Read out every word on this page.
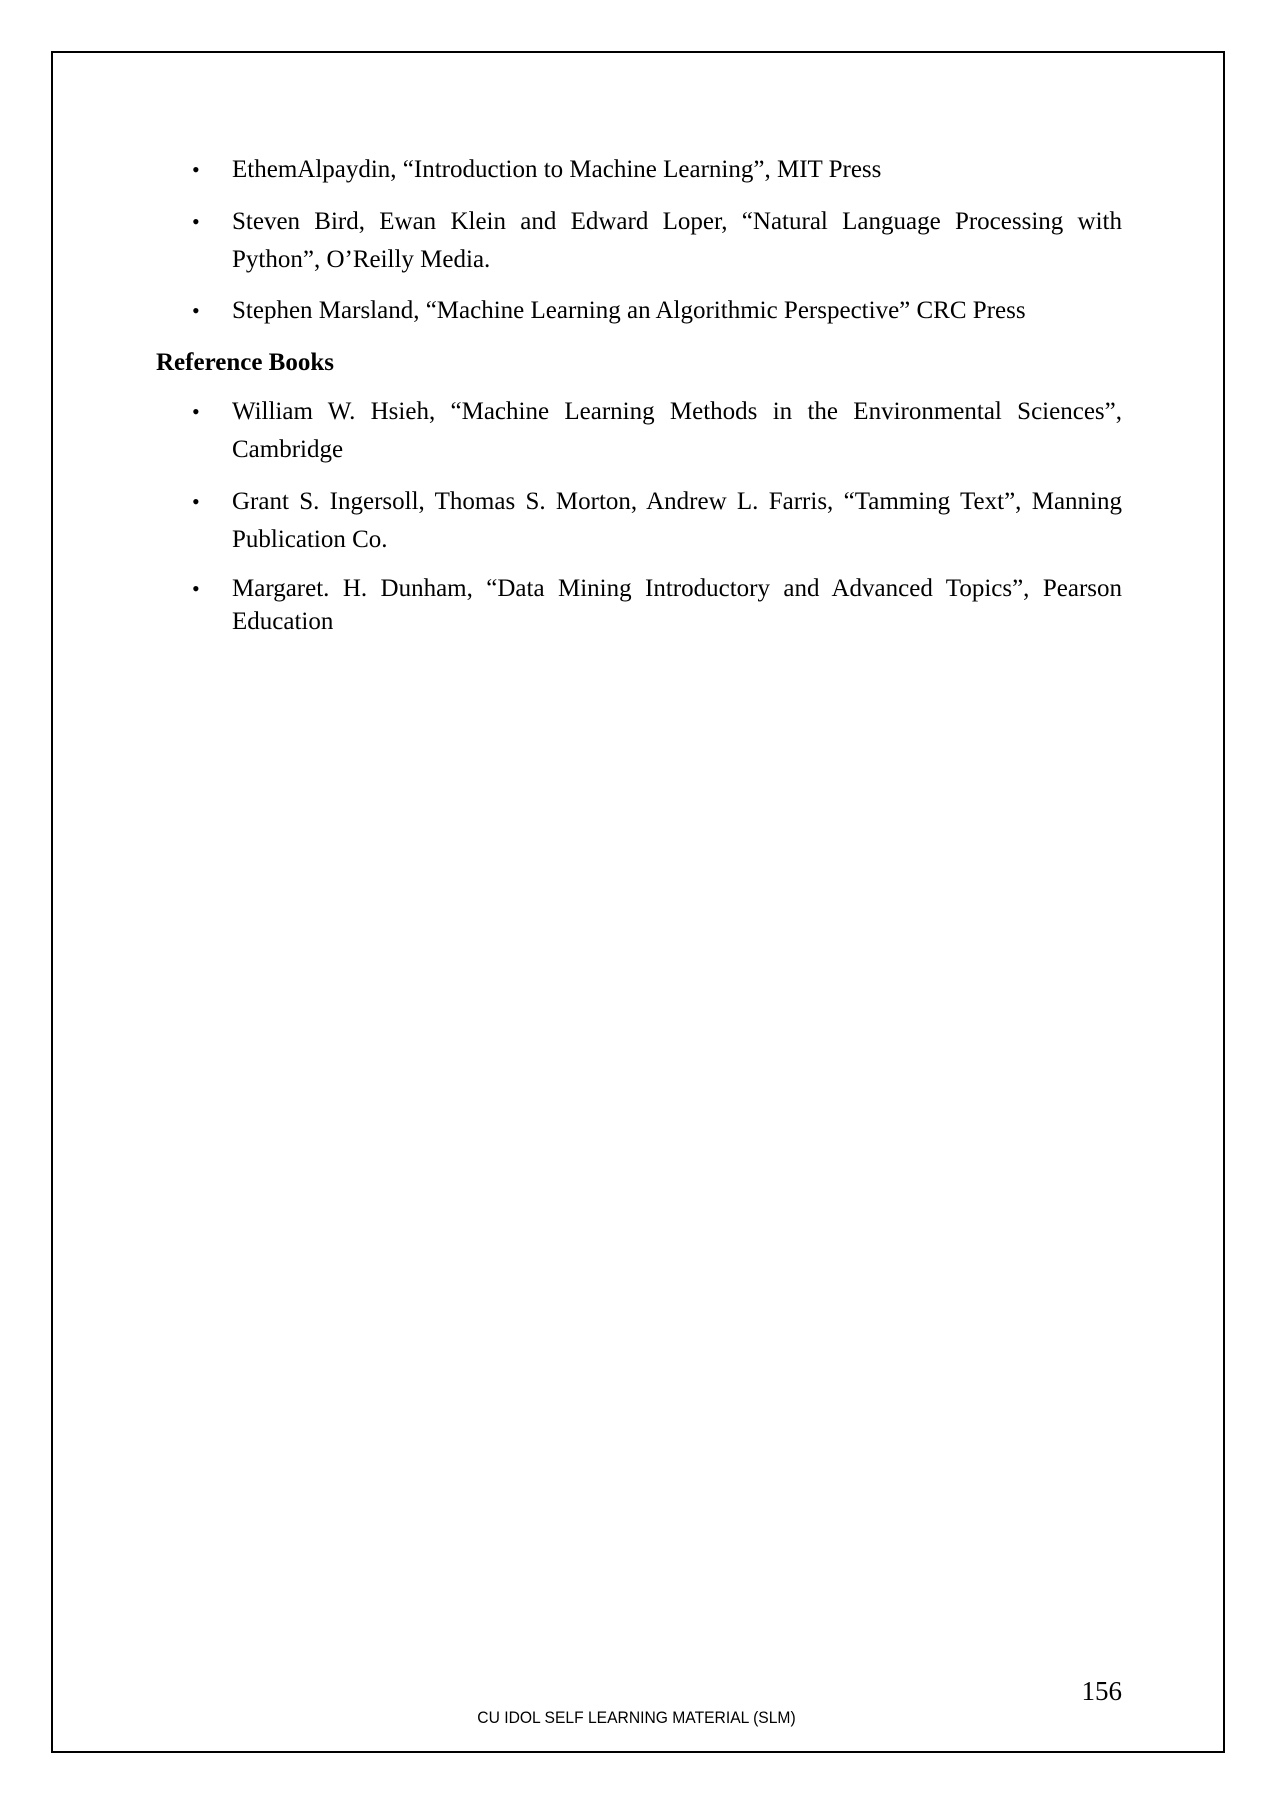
• EthemAlpaydin, “Introduction to Machine Learning”, MIT Press
• Steven Bird, Ewan Klein and Edward Loper, “Natural Language Processing with Python”, O’Reilly Media.
• Stephen Marsland, “Machine Learning an Algorithmic Perspective” CRC Press
Reference Books
• William W. Hsieh, “Machine Learning Methods in the Environmental Sciences”, Cambridge
• Grant S. Ingersoll, Thomas S. Morton, Andrew L. Farris, “Tamming Text”, Manning Publication Co.
• Margaret. H. Dunham, “Data Mining Introductory and Advanced Topics”, Pearson Education
156
CU IDOL SELF LEARNING MATERIAL (SLM)
